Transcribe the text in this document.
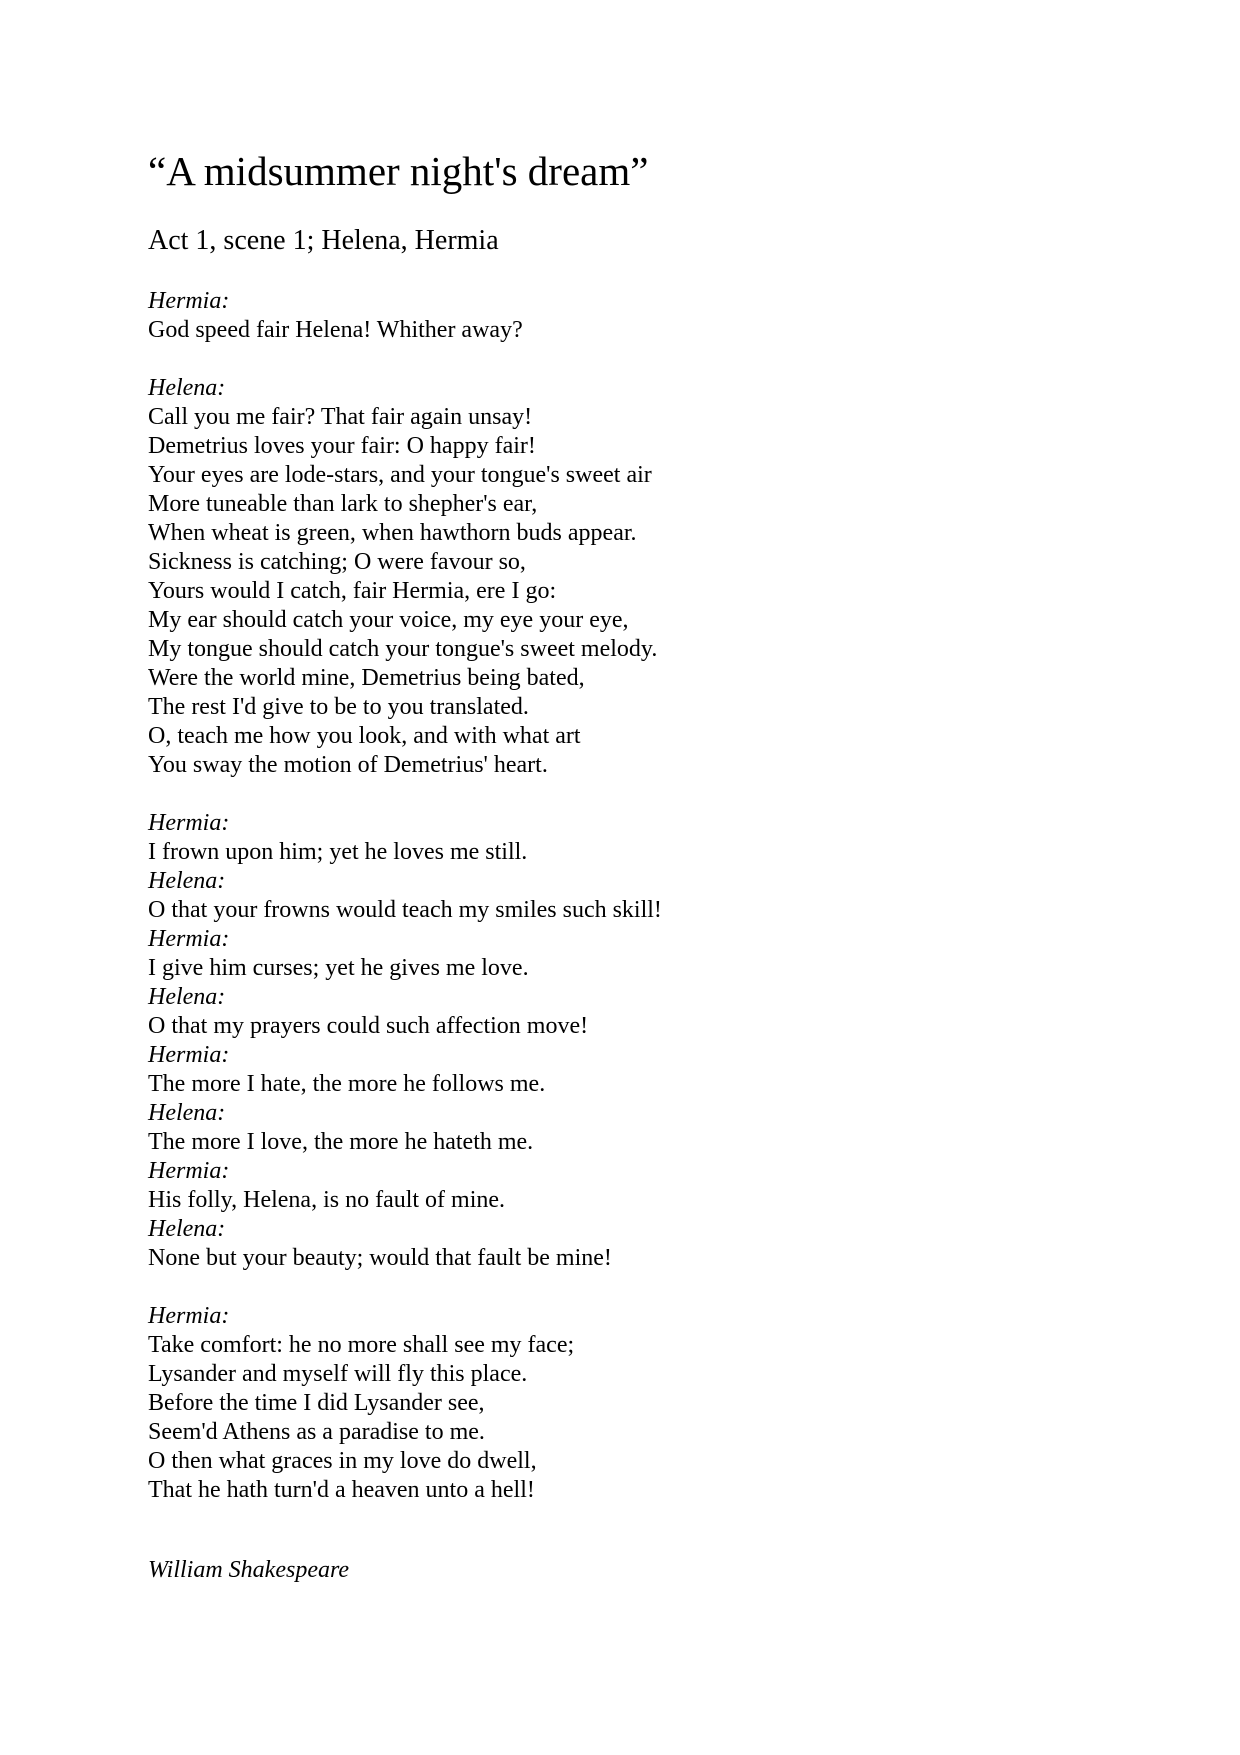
“A midsummer night's dream”
Act 1, scene 1; Helena, Hermia
Hermia:
God speed fair Helena! Whither away?
Helena:
Call you me fair? That fair again unsay!
Demetrius loves your fair: O happy fair!
Your eyes are lode-stars, and your tongue's sweet air
More tuneable than lark to shepher's ear,
When wheat is green, when hawthorn buds appear.
Sickness is catching; O were favour so,
Yours would I catch, fair Hermia, ere I go:
My ear should catch your voice, my eye your eye,
My tongue should catch your tongue's sweet melody.
Were the world mine, Demetrius being bated,
The rest I'd give to be to you translated.
O, teach me how you look, and with what art
You sway the motion of Demetrius' heart.
Hermia:
I frown upon him; yet he loves me still.
Helena:
O that your frowns would teach my smiles such skill!
Hermia:
I give him curses; yet he gives me love.
Helena:
O that my prayers could such affection move!
Hermia:
The more I hate, the more he follows me.
Helena:
The more I love, the more he hateth me.
Hermia:
His folly, Helena, is no fault of mine.
Helena:
None but your beauty; would that fault be mine!
Hermia:
Take comfort: he no more shall see my face;
Lysander and myself will fly this place.
Before the time I did Lysander see,
Seem'd Athens as a paradise to me.
O then what graces in my love do dwell,
That he hath turn'd a heaven unto a hell!

William Shakespeare
